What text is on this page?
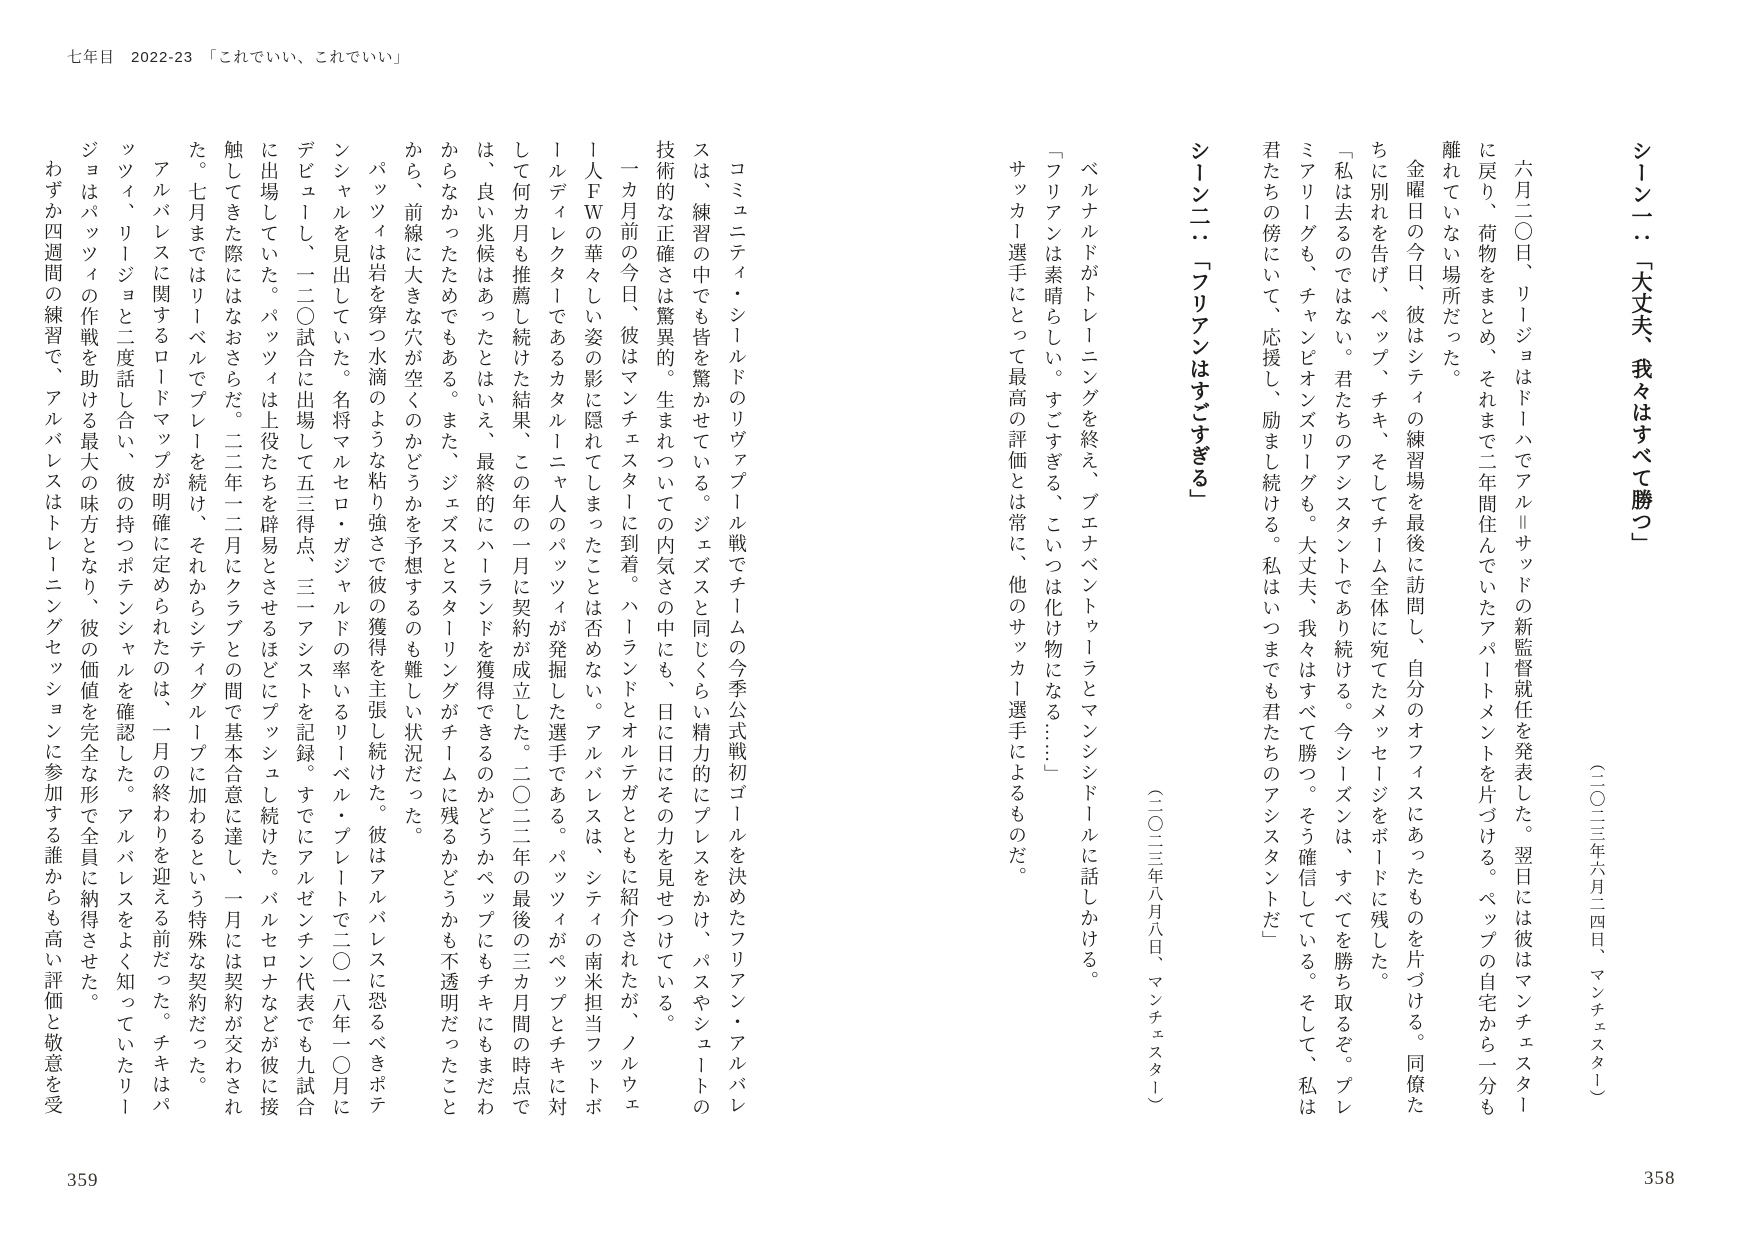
七年目　2022-23　「これでいい、これでいい」
シーン一：「大丈夫、我々はすべて勝つ」

（二〇二三年六月二四日、マンチェスター）

六月二〇日、リージョはドーハでアル＝サッドの新監督就任を発表した。翌日には彼はマンチェスターに戻り、荷物をまとめ、それまで二年間住んでいたアパートメントを片づける。ペップの自宅から一分も離れていない場所だった。

金曜日の今日、彼はシティの練習場を最後に訪問し、自分のオフィスにあったものを片づける。同僚たちに別れを告げ、ペップ、チキ、そしてチーム全体に宛てたメッセージをボードに残した。

「私は去るのではない。君たちのアシスタントであり続ける。今シーズンは、すべてを勝ち取るぞ。プレミアリーグも、チャンピオンズリーグも。大丈夫、我々はすべて勝つ。そう確信している。そして、私は君たちの傍にいて、応援し、励まし続ける。私はいつまでも君たちのアシスタントだ」

シーン二：「フリアンはすごすぎる」

（二〇二三年八月八日、マンチェスター）

ベルナルドがトレーニングを終え、ブエナベントゥーラとマンシシドールに話しかける。

「フリアンは素晴らしい。すごすぎる、こいつは化け物になる……」

サッカー選手にとって最高の評価とは常に、他のサッカー選手によるものだ。

コミュニティ・シールドのリヴァプール戦でチームの今季公式戦初ゴールを決めたフリアン・アルバレスは、練習の中でも皆を驚かせている。ジェズスと同じくらい精力的にプレスをかけ、パスやシュートの技術的な正確さは驚異的。生まれついての内気さの中にも、日に日にその力を見せつけている。

一カ月前の今日、彼はマンチェスターに到着。ハーランドとオルテガとともに紹介されたが、ノルウェー人ＦＷの華々しい姿の影に隠れてしまったことは否めない。アルバレスは、シティの南米担当フットボールディレクターであるカタルーニャ人のパッツィが発掘した選手である。パッツィがペップとチキに対して何カ月も推薦し続けた結果、この年の一月に契約が成立した。二〇二二年の最後の三カ月間の時点では、良い兆候はあったとはいえ、最終的にハーランドを獲得できるのかどうかペップにもチキにもまだわからなかったためでもある。また、ジェズスとスターリングがチームに残るかどうかも不透明だったことから、前線に大きな穴が空くのかどうかを予想するのも難しい状況だった。

パッツィは岩を穿つ水滴のような粘り強さで彼の獲得を主張し続けた。彼はアルバレスに恐るべきポテンシャルを見出していた。名将マルセロ・ガジャルドの率いるリーベル・プレートで二〇一八年一〇月にデビューし、一二〇試合に出場して五三得点、三一アシストを記録。すでにアルゼンチン代表でも九試合に出場していた。パッツィは上役たちを辟易とさせるほどにプッシュし続けた。バルセロナなどが彼に接触してきた際にはなおさらだ。二二年一二月にクラブとの間で基本合意に達し、一月には契約が交わされた。七月まではリーベルでプレーを続け、それからシティグループに加わるという特殊な契約だった。

アルバレスに関するロードマップが明確に定められたのは、一月の終わりを迎える前だった。チキはパッツィ、リージョと二度話し合い、彼の持つポテンシャルを確認した。アルバレスをよく知っていたリージョはパッツィの作戦を助ける最大の味方となり、彼の価値を完全な形で全員に納得させた。

わずか四週間の練習で、アルバレスはトレーニングセッションに参加する誰からも高い評価と敬意を受

359	358
